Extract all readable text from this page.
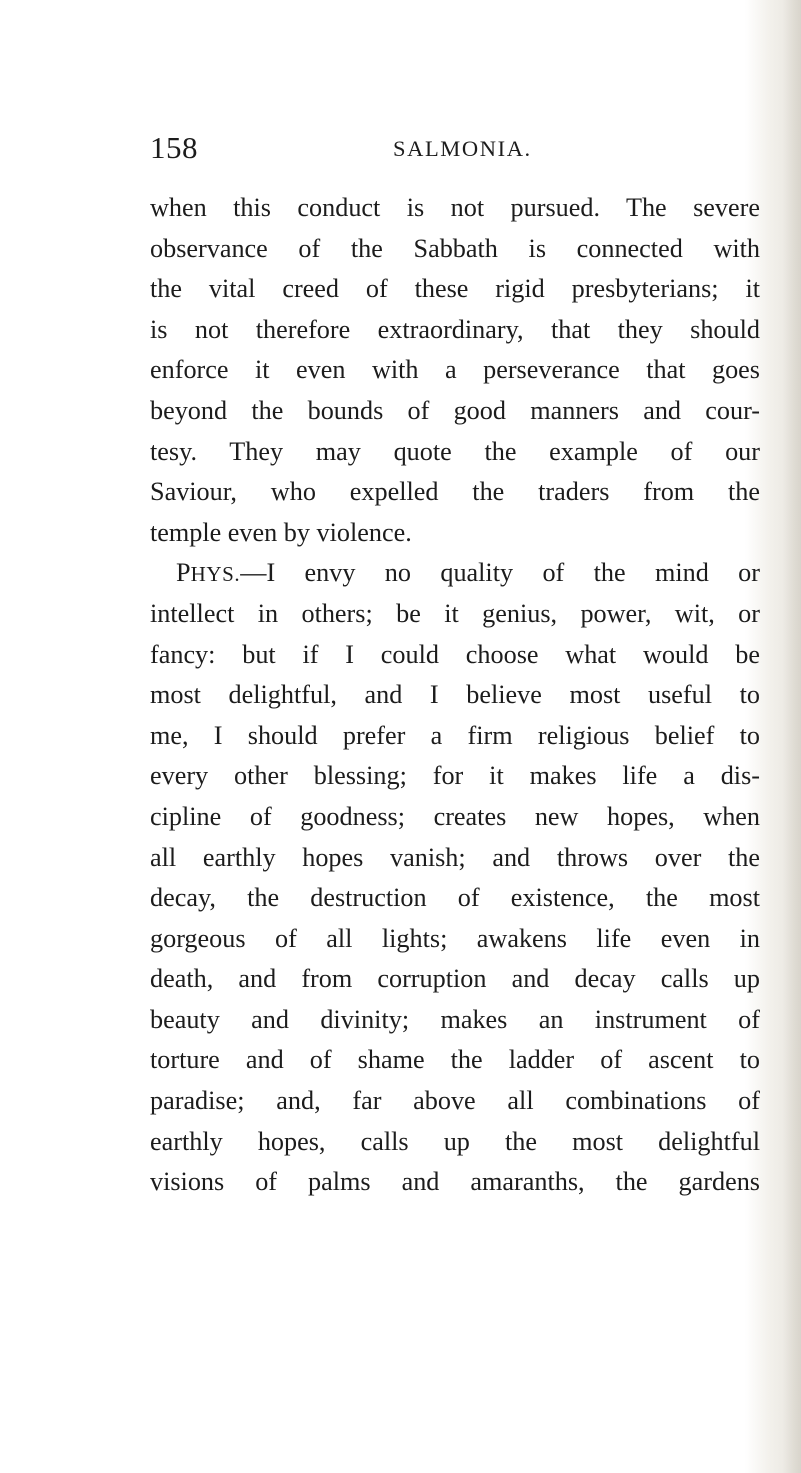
158	SALMONIA.
when this conduct is not pursued. The severe
observance of the Sabbath is connected with
the vital creed of these rigid presbyterians; it
is not therefore extraordinary, that they should
enforce it even with a perseverance that goes
beyond the bounds of good manners and cour-
tesy. They may quote the example of our
Saviour, who expelled the traders from the
temple even by violence.
PHYS.—I envy no quality of the mind or
intellect in others; be it genius, power, wit, or
fancy: but if I could choose what would be
most delightful, and I believe most useful to
me, I should prefer a firm religious belief to
every other blessing; for it makes life a dis-
cipline of goodness; creates new hopes, when
all earthly hopes vanish; and throws over the
decay, the destruction of existence, the most
gorgeous of all lights; awakens life even in
death, and from corruption and decay calls up
beauty and divinity; makes an instrument of
torture and of shame the ladder of ascent to
paradise; and, far above all combinations of
earthly hopes, calls up the most delightful
visions of palms and amaranths, the gardens
